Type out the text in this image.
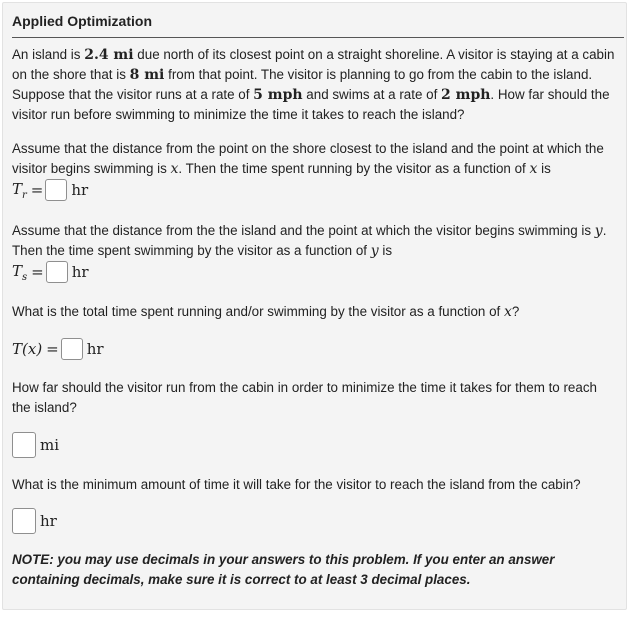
Applied Optimization
An island is 2.4 mi due north of its closest point on a straight shoreline. A visitor is staying at a cabin on the shore that is 8 mi from that point. The visitor is planning to go from the cabin to the island. Suppose that the visitor runs at a rate of 5 mph and swims at a rate of 2 mph. How far should the visitor run before swimming to minimize the time it takes to reach the island?
Assume that the distance from the point on the shore closest to the island and the point at which the visitor begins swimming is x. Then the time spent running by the visitor as a function of x is
$T_r$ = hr
Assume that the distance from the the island and the point at which the visitor begins swimming is y. Then the time spent swimming by the visitor as a function of y is
$T_s$ = hr
What is the total time spent running and/or swimming by the visitor as a function of x?
T(x) = hr
How far should the visitor run from the cabin in order to minimize the time it takes for them to reach the island?
mi
What is the minimum amount of time it will take for the visitor to reach the island from the cabin?
hr
NOTE: you may use decimals in your answers to this problem. If you enter an answer containing decimals, make sure it is correct to at least 3 decimal places.
